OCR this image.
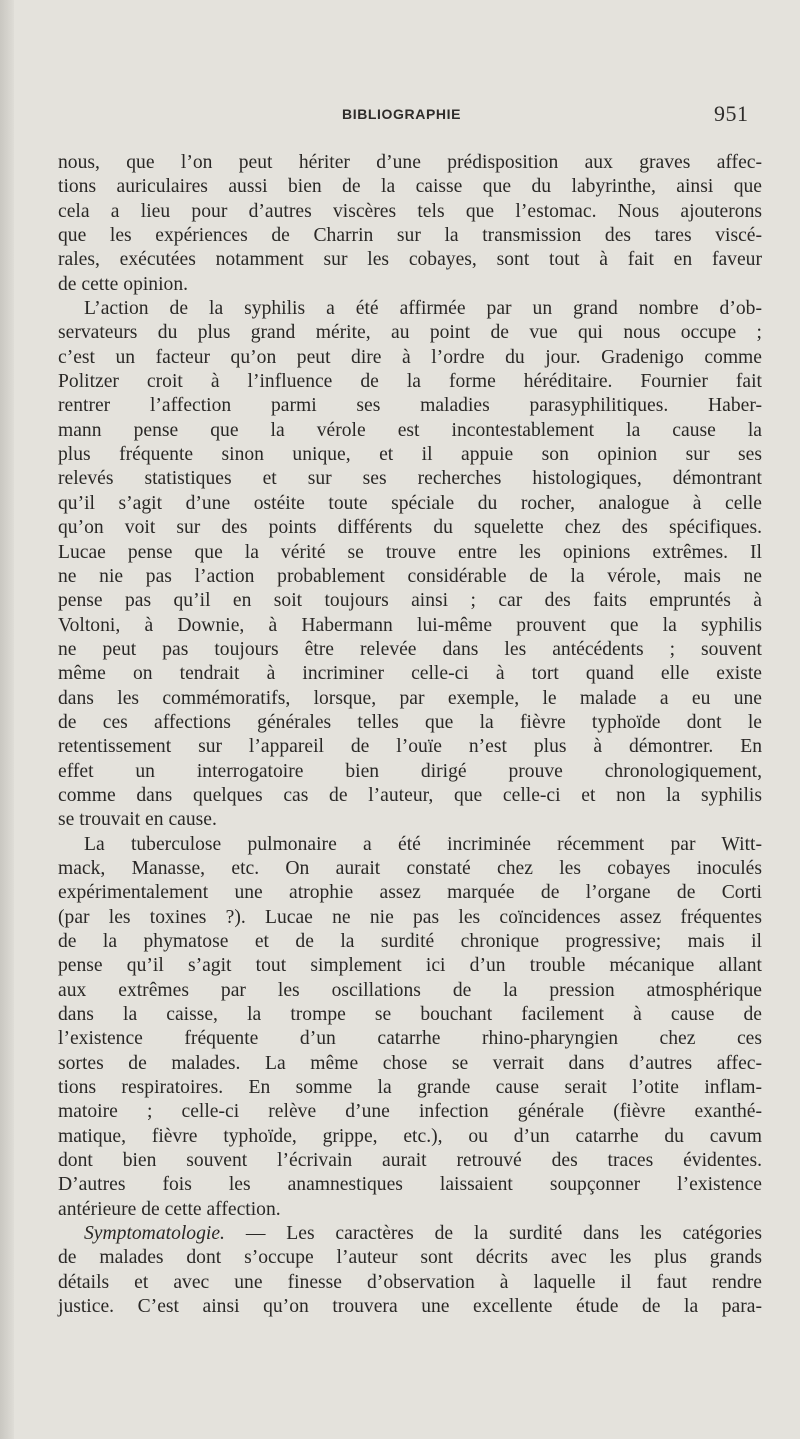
BIBLIOGRAPHIE	951
nous, que l’on peut hériter d’une prédisposition aux graves affec-
tions auriculaires aussi bien de la caisse que du labyrinthe, ainsi que
cela a lieu pour d’autres viscères tels que l’estomac. Nous ajouterons
que les expériences de Charrin sur la transmission des tares viscé-
rales, exécutées notamment sur les cobayes, sont tout à fait en faveur
de cette opinion.
L’action de la syphilis a été affirmée par un grand nombre d’ob-
servateurs du plus grand mérite, au point de vue qui nous occupe ;
c’est un facteur qu’on peut dire à l’ordre du jour. Gradenigo comme
Politzer croit à l’influence de la forme héréditaire. Fournier fait
rentrer l’affection parmi ses maladies parasyphilitiques. Haber-
mann pense que la vérole est incontestablement la cause la
plus fréquente sinon unique, et il appuie son opinion sur ses
relevés statistiques et sur ses recherches histologiques, démontrant
qu’il s’agit d’une ostéite toute spéciale du rocher, analogue à celle
qu’on voit sur des points différents du squelette chez des spécifiques.
Lucae pense que la vérité se trouve entre les opinions extrêmes. Il
ne nie pas l’action probablement considérable de la vérole, mais ne
pense pas qu’il en soit toujours ainsi ; car des faits empruntés à
Voltoni, à Downie, à Habermann lui-même prouvent que la syphilis
ne peut pas toujours être relevée dans les antécédents ; souvent
même on tendrait à incriminer celle-ci à tort quand elle existe
dans les commémoratifs, lorsque, par exemple, le malade a eu une
de ces affections générales telles que la fièvre typhoïde dont le
retentissement sur l’appareil de l’ouïe n’est plus à démontrer. En
effet un interrogatoire bien dirigé prouve chronologiquement,
comme dans quelques cas de l’auteur, que celle-ci et non la syphilis
se trouvait en cause.
La tuberculose pulmonaire a été incriminée récemment par Witt-
mack, Manasse, etc. On aurait constaté chez les cobayes inoculés
expérimentalement une atrophie assez marquée de l’organe de Corti
(par les toxines ?). Lucae ne nie pas les coïncidences assez fréquentes
de la phymatose et de la surdité chronique progressive; mais il
pense qu’il s’agit tout simplement ici d’un trouble mécanique allant
aux extrêmes par les oscillations de la pression atmosphérique
dans la caisse, la trompe se bouchant facilement à cause de
l’existence fréquente d’un catarrhe rhino-pharyngien chez ces
sortes de malades. La même chose se verrait dans d’autres affec-
tions respiratoires. En somme la grande cause serait l’otite inflam-
matoire ; celle-ci relève d’une infection générale (fièvre exanthé-
matique, fièvre typhoïde, grippe, etc.), ou d’un catarrhe du cavum
dont bien souvent l’écrivain aurait retrouvé des traces évidentes.
D’autres fois les anamnestiques laissaient soupçonner l’existence
antérieure de cette affection.
Symptomatologie. — Les caractères de la surdité dans les catégories
de malades dont s’occupe l’auteur sont décrits avec les plus grands
détails et avec une finesse d’observation à laquelle il faut rendre
justice. C’est ainsi qu’on trouvera une excellente étude de la para-
